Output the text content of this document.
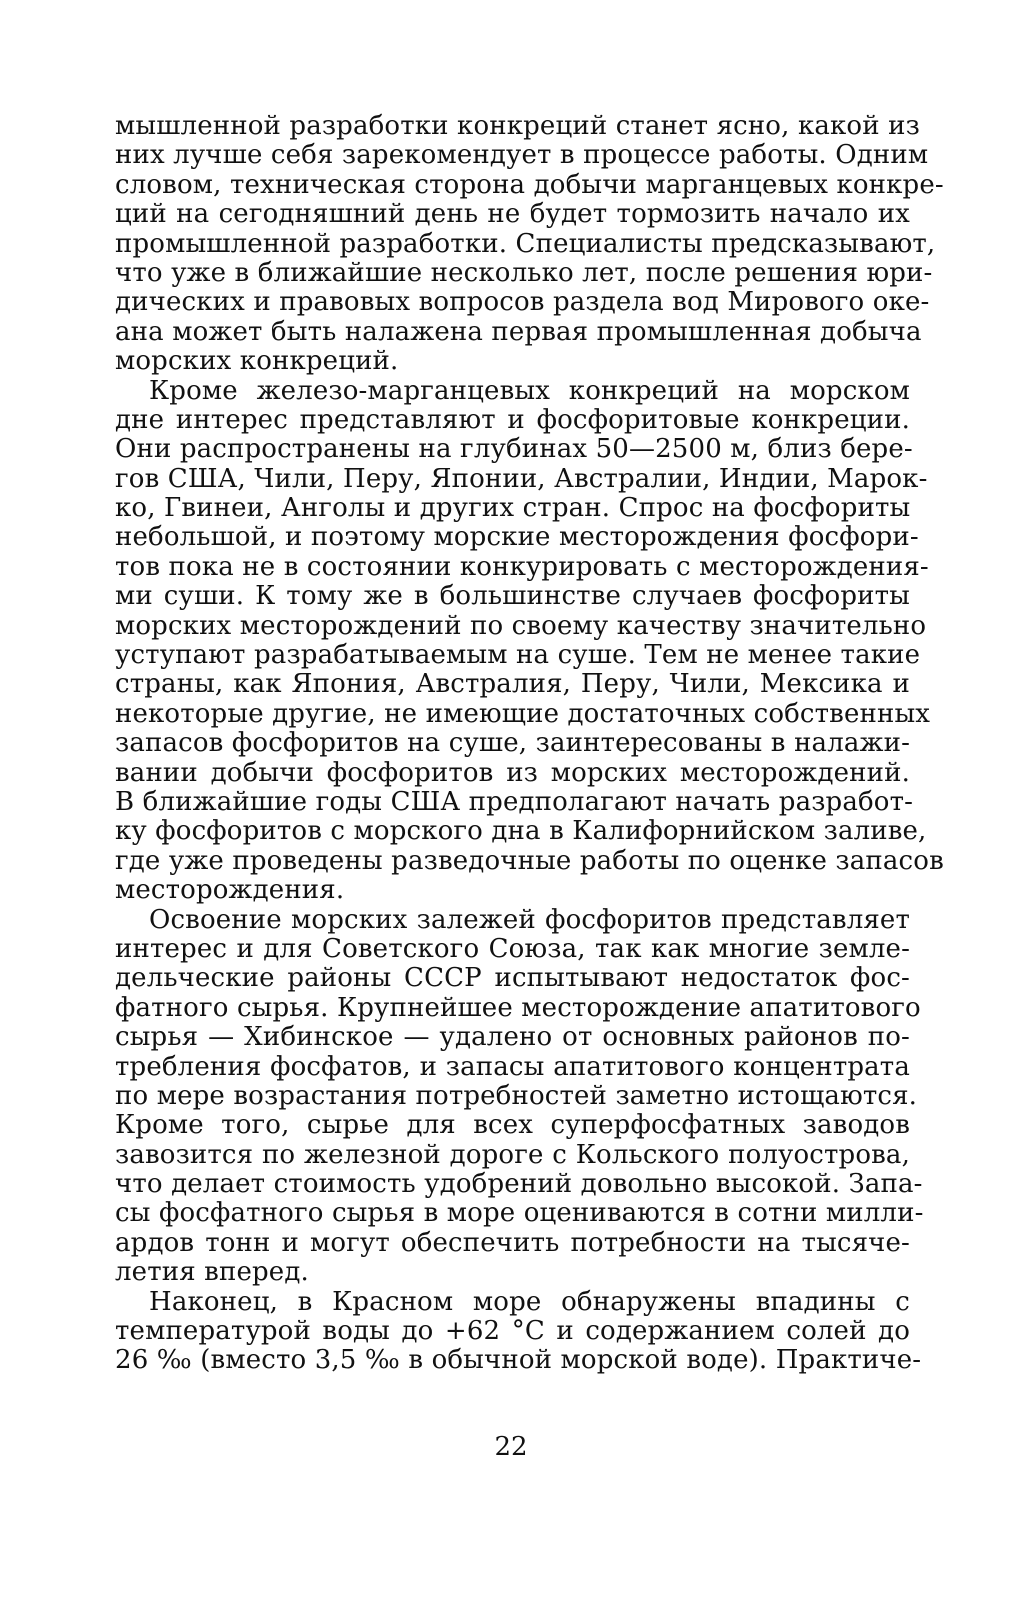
мышленной разработки конкреций станет ясно, какой из
них лучше себя зарекомендует в процессе работы. Одним
словом, техническая сторона добычи марганцевых конкре-
ций на сегодняшний день не будет тормозить начало их
промышленной разработки. Специалисты предсказывают,
что уже в ближайшие несколько лет, после решения юри-
дических и правовых вопросов раздела вод Мирового оке-
ана может быть налажена первая промышленная добыча
морских конкреций.
Кроме железо-марганцевых конкреций на морском
дне интерес представляют и фосфоритовые конкреции.
Они распространены на глубинах 50—2500 м, близ бере-
гов США, Чили, Перу, Японии, Австралии, Индии, Марок-
ко, Гвинеи, Анголы и других стран. Спрос на фосфориты
небольшой, и поэтому морские месторождения фосфори-
тов пока не в состоянии конкурировать с месторождения-
ми суши. К тому же в большинстве случаев фосфориты
морских месторождений по своему качеству значительно
уступают разрабатываемым на суше. Тем не менее такие
страны, как Япония, Австралия, Перу, Чили, Мексика и
некоторые другие, не имеющие достаточных собственных
запасов фосфоритов на суше, заинтересованы в налажи-
вании добычи фосфоритов из морских месторождений.
В ближайшие годы США предполагают начать разработ-
ку фосфоритов с морского дна в Калифорнийском заливе,
где уже проведены разведочные работы по оценке запасов
месторождения.
Освоение морских залежей фосфоритов представляет
интерес и для Советского Союза, так как многие земле-
дельческие районы СССР испытывают недостаток фос-
фатного сырья. Крупнейшее месторождение апатитового
сырья — Хибинское — удалено от основных районов по-
требления фосфатов, и запасы апатитового концентрата
по мере возрастания потребностей заметно истощаются.
Кроме того, сырье для всех суперфосфатных заводов
завозится по железной дороге с Кольского полуострова,
что делает стоимость удобрений довольно высокой. Запа-
сы фосфатного сырья в море оцениваются в сотни милли-
ардов тонн и могут обеспечить потребности на тысяче-
летия вперед.
Наконец, в Красном море обнаружены впадины с
температурой воды до +62 °C и содержанием солей до
26 ‰ (вместо 3,5 ‰ в обычной морской воде). Практиче-
22
